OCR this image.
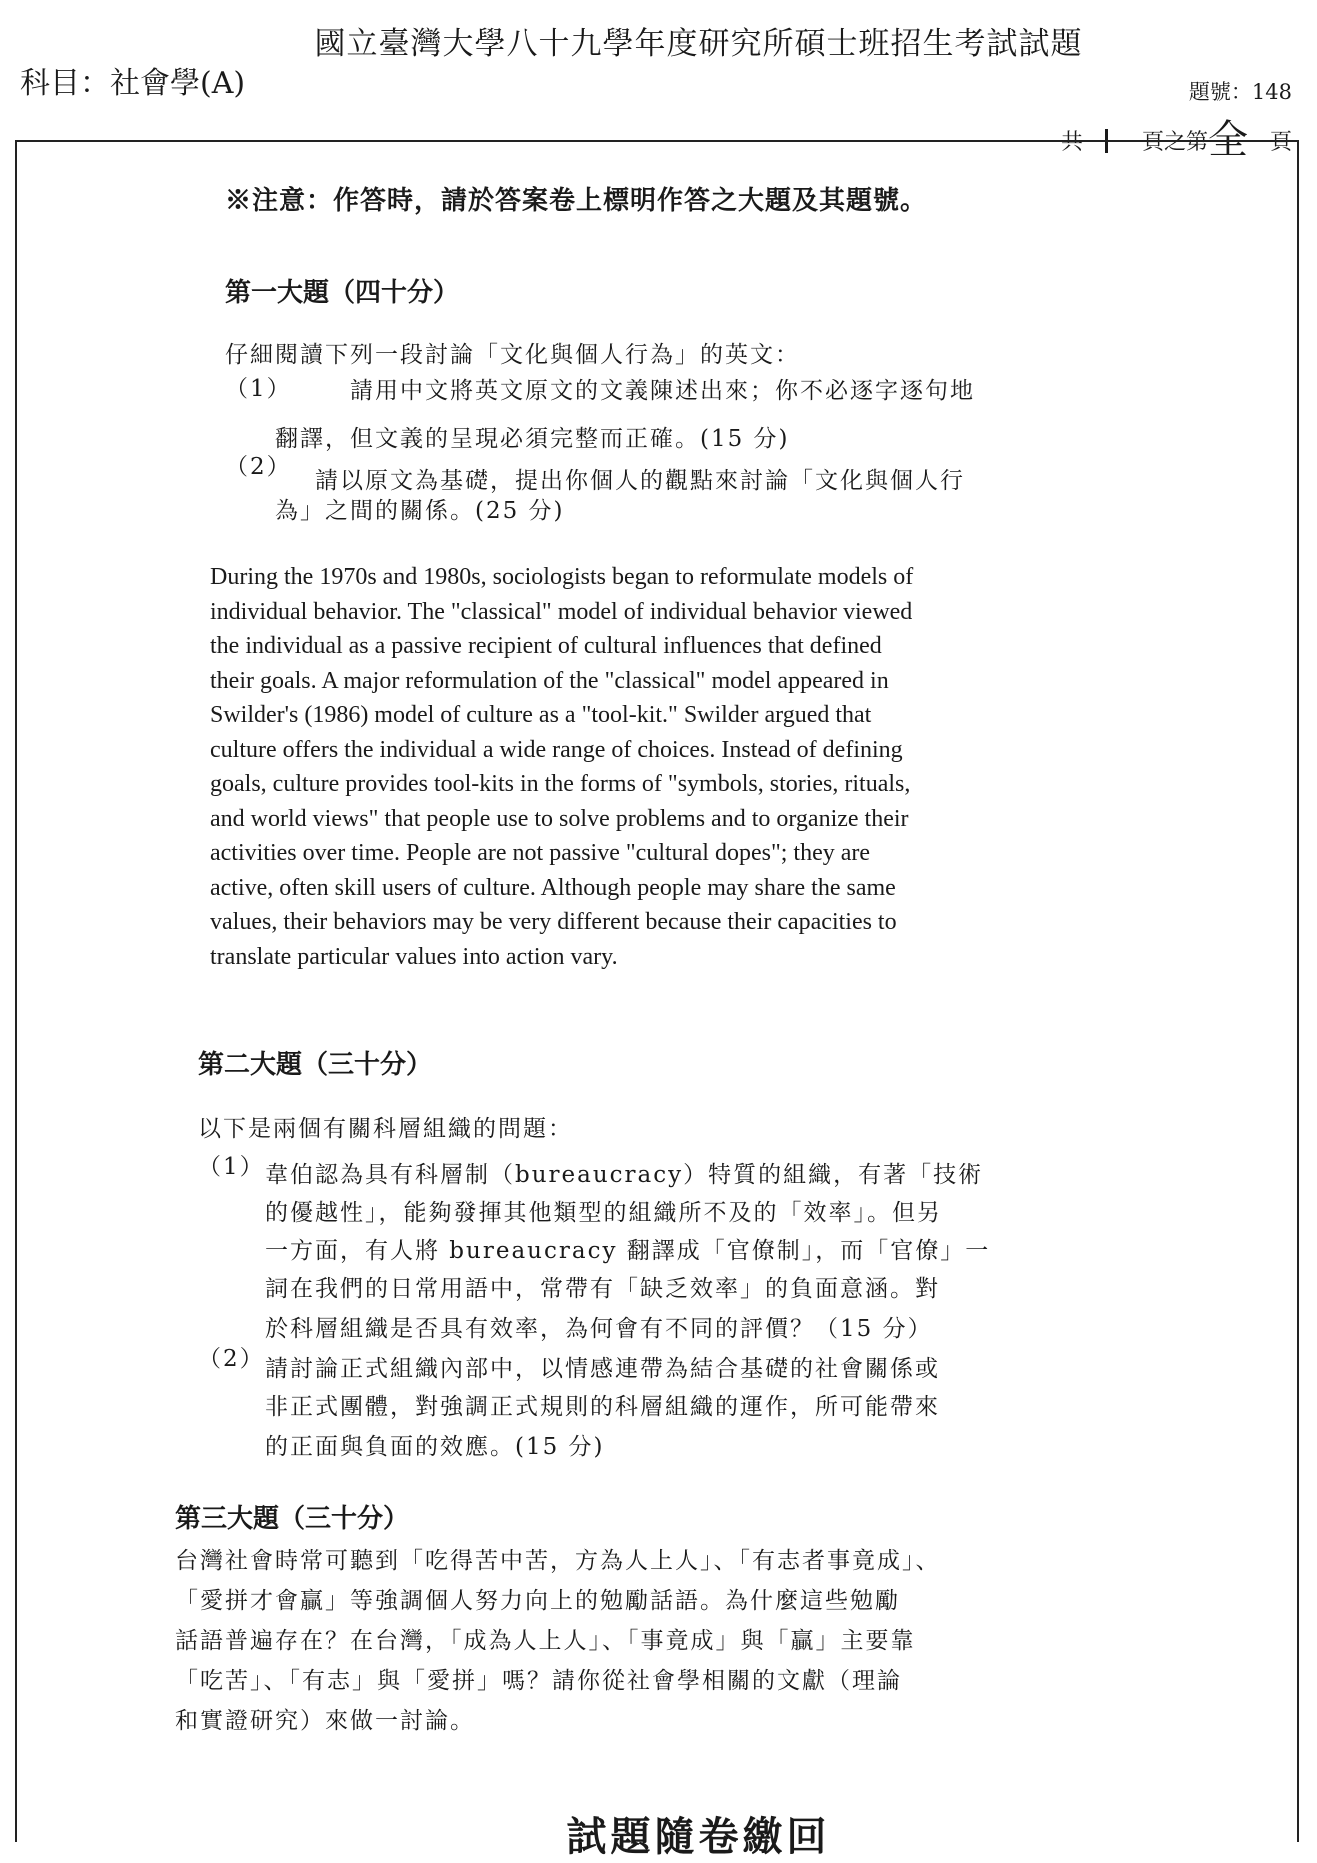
國立臺灣大學八十九學年度研究所碩士班招生考試試題
科目：社會學(A)	題號：148
共	頁之第全 頁
※注意：作答時，請於答案卷上標明作答之大題及其題號。
第一大題（四十分）
仔細閱讀下列一段討論「文化與個人行為」的英文：
（1）	請用中文將英文原文的文義陳述出來；你不必逐字逐句地
翻譯，但文義的呈現必須完整而正確。(15 分)
（2）
請以原文為基礎，提出你個人的觀點來討論「文化與個人行
為」之間的關係。(25 分)

During the 1970s and 1980s, sociologists began to reformulate models of

individual behavior. The "classical" model of individual behavior viewed

the individual as a passive recipient of cultural influences that defined

their goals. A major reformulation of the "classical" model appeared in

Swilder's (1986) model of culture as a "tool-kit." Swilder argued that

culture offers the individual a wide range of choices. Instead of defining

goals, culture provides tool-kits in the forms of "symbols, stories, rituals,

and world views" that people use to solve problems and to organize their

activities over time. People are not passive "cultural dopes"; they are

active, often skill users of culture. Although people may share the same

values, their behaviors may be very different because their capacities to

translate particular values into action vary.

第二大題（三十分）
以下是兩個有關科層組織的問題：
（1） 韋伯認為具有科層制（bureaucracy）特質的組織，有著「技術
的優越性」，能夠發揮其他類型的組織所不及的「效率」。但另
一方面，有人將 bureaucracy 翻譯成「官僚制」，而「官僚」一
詞在我們的日常用語中，常帶有「缺乏效率」的負面意涵。對
於科層組織是否具有效率，為何會有不同的評價？（15 分）
（2） 請討論正式組織內部中，以情感連帶為結合基礎的社會關係或
非正式團體，對強調正式規則的科層組織的運作，所可能帶來
的正面與負面的效應。(15 分)
第三大題（三十分）
台灣社會時常可聽到「吃得苦中苦，方為人上人」、「有志者事竟成」、
「愛拼才會贏」等強調個人努力向上的勉勵話語。為什麼這些勉勵
話語普遍存在？在台灣，「成為人上人」、「事竟成」與「贏」主要靠
「吃苦」、「有志」與「愛拼」嗎？請你從社會學相關的文獻（理論
和實證研究）來做一討論。
試題隨卷繳回
